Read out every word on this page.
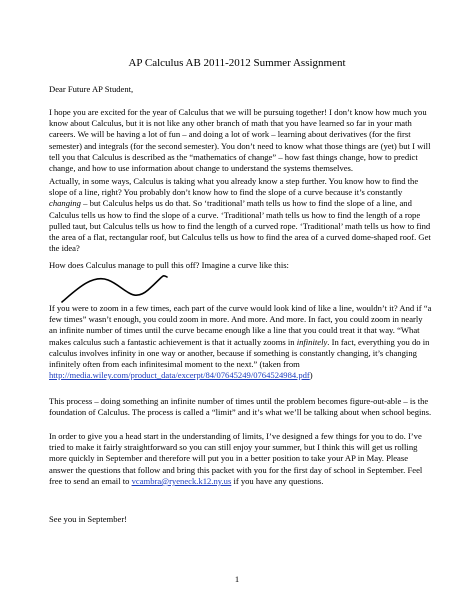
AP Calculus AB 2011-2012 Summer Assignment
Dear Future AP Student,
I hope you are excited for the year of Calculus that we will be pursuing together! I don’t know how much you
know about Calculus, but it is not like any other branch of math that you have learned so far in your math
careers. We will be having a lot of fun – and doing a lot of work – learning about derivatives (for the first
semester) and integrals (for the second semester). You don’t need to know what those things are (yet) but I will
tell you that Calculus is described as the “mathematics of change” – how fast things change, how to predict
change, and how to use information about change to understand the systems themselves.
Actually, in some ways, Calculus is taking what you already know a step further. You know how to find the
slope of a line, right? You probably don’t know how to find the slope of a curve because it’s constantly
changing – but Calculus helps us do that. So ‘traditional’ math tells us how to find the slope of a line, and
Calculus tells us how to find the slope of a curve. ‘Traditional’ math tells us how to find the length of a rope
pulled taut, but Calculus tells us how to find the length of a curved rope. ‘Traditional’ math tells us how to find
the area of a flat, rectangular roof, but Calculus tells us how to find the area of a curved dome-shaped roof. Get
the idea?
How does Calculus manage to pull this off? Imagine a curve like this:
If you were to zoom in a few times, each part of the curve would look kind of like a line, wouldn’t it? And if “a
few times” wasn’t enough, you could zoom in more. And more. And more. In fact, you could zoom in nearly
an infinite number of times until the curve became enough like a line that you could treat it that way. “What
makes calculus such a fantastic achievement is that it actually zooms in infinitely. In fact, everything you do in
calculus involves infinity in one way or another, because if something is constantly changing, it’s changing
infinitely often from each infinitesimal moment to the next.” (taken from
http://media.wiley.com/product_data/excerpt/84/07645249/0764524984.pdf)
This process – doing something an infinite number of times until the problem becomes figure-out-able – is the
foundation of Calculus. The process is called a “limit” and it’s what we’ll be talking about when school begins.
In order to give you a head start in the understanding of limits, I’ve designed a few things for you to do. I’ve
tried to make it fairly straightforward so you can still enjoy your summer, but I think this will get us rolling
more quickly in September and therefore will put you in a better position to take your AP in May. Please
answer the questions that follow and bring this packet with you for the first day of school in September. Feel
free to send an email to vcambra@ryeneck.k12.ny.us if you have any questions.
See you in September!
1
